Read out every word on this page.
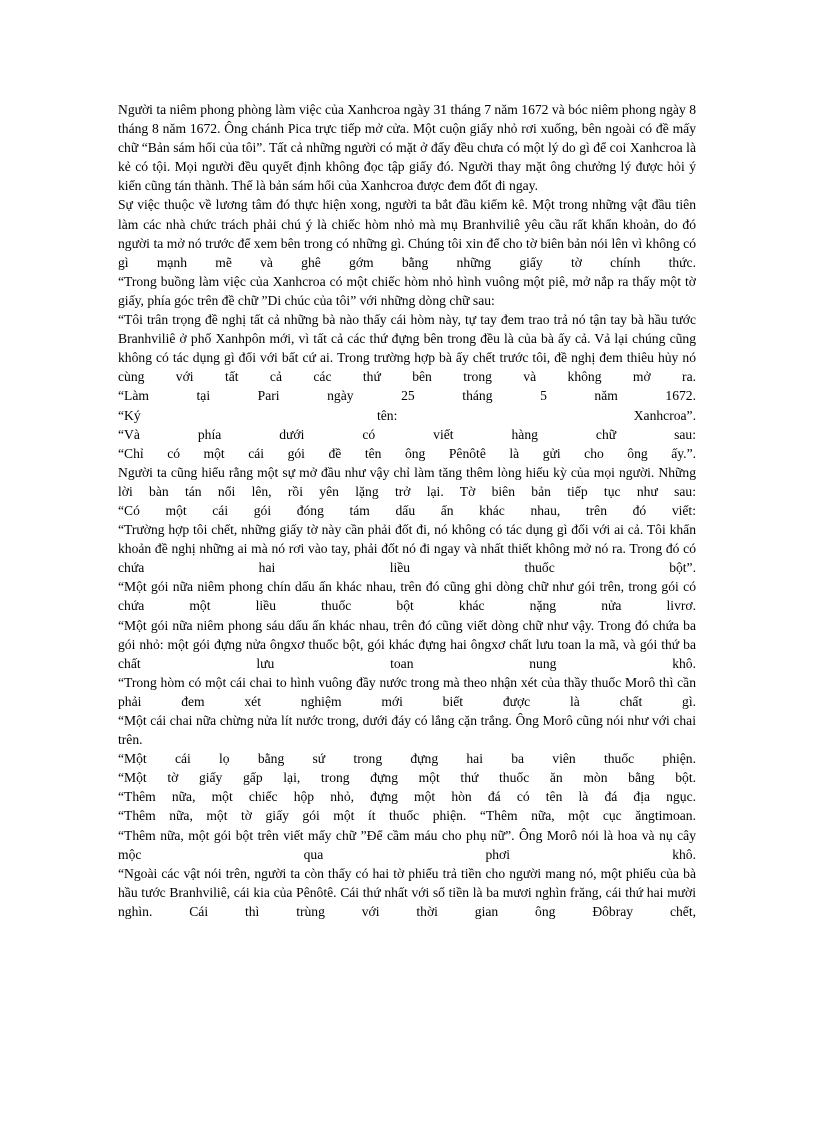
Người ta niêm phong phòng làm việc của Xanhcroa ngày 31 tháng 7 năm 1672 và bóc niêm phong ngày 8 tháng 8 năm 1672. Ông chánh Pica trực tiếp mở cửa. Một cuộn giấy nhỏ rơi xuống, bên ngoài có đề mấy chữ “Bản sám hối của tôi”. Tất cả những người có mặt ở đấy đều chưa có một lý do gì để coi Xanhcroa là kẻ có tội. Mọi người đều quyết định không đọc tập giấy đó. Người thay mặt ông chưởng lý được hỏi ý kiến cũng tán thành. Thế là bản sám hối của Xanhcroa được đem đốt đi ngay.

Sự việc thuộc về lương tâm đó thực hiện xong, người ta bắt đầu kiểm kê. Một trong những vật đầu tiên làm các nhà chức trách phải chú ý là chiếc hòm nhỏ mà mụ Branhviliê yêu cầu rất khẩn khoản, do đó người ta mở nó trước để xem bên trong có những gì. Chúng tôi xin để cho tờ biên bản nói lên vì không có gì mạnh mẽ và ghê gớm bằng những giấy tờ chính thức.

“Trong buồng làm việc của Xanhcroa có một chiếc hòm nhỏ hình vuông một piê, mở nắp ra thấy một tờ giấy, phía góc trên đề chữ ”Di chúc của tôi” với những dòng chữ sau:

“Tôi trân trọng đề nghị tất cả những bà nào thấy cái hòm này, tự tay đem trao trả nó tận tay bà hầu tước Branhviliê ở phố Xanhpôn mới, vì tất cả các thứ đựng bên trong đều là của bà ấy cả. Vả lại chúng cũng không có tác dụng gì đối với bất cứ ai. Trong trường hợp bà ấy chết trước tôi, đề nghị đem thiêu hủy nó cùng với tất cả các thứ bên trong và không mở ra.

“Làm tại Pari ngày 25 tháng 5 năm 1672.

“Ký tên: Xanhcroa”.

“Và phía dưới có viết hàng chữ sau:

“Chỉ có một cái gói đề tên ông Pênôtê là gửi cho ông ấy.”.

Người ta cũng hiểu rằng một sự mở đầu như vậy chỉ làm tăng thêm lòng hiếu kỳ của mọi người. Những lời bàn tán nổi lên, rồi yên lặng trở lại. Tờ biên bản tiếp tục như sau:

“Có một cái gói đóng tám dấu ấn khác nhau, trên đó viết:

“Trường hợp tôi chết, những giấy tờ này cần phải đốt đi, nó không có tác dụng gì đối với ai cả. Tôi khẩn khoản đề nghị những ai mà nó rơi vào tay, phải đốt nó đi ngay và nhất thiết không mở nó ra. Trong đó có chứa hai liều thuốc bột”.

“Một gói nữa niêm phong chín dấu ấn khác nhau, trên đó cũng ghi dòng chữ như gói trên, trong gói có chứa một liều thuốc bột khác nặng nửa livrơ.

“Một gói nữa niêm phong sáu dấu ấn khác nhau, trên đó cũng viết dòng chữ như vậy. Trong đó chứa ba gói nhỏ: một gói đựng nửa ôngxơ thuốc bột, gói khác đựng hai ôngxơ chất lưu toan la mã, và gói thứ ba chất lưu toan nung khô.

“Trong hòm có một cái chai to hình vuông đầy nước trong mà theo nhận xét của thầy thuốc Morô thì cần phải đem xét nghiệm mới biết được là chất gì.

“Một cái chai nữa chừng nửa lít nước trong, dưới đáy có lắng cặn trắng. Ông Morô cũng nói như với chai trên.

“Một cái lọ bằng sứ trong đựng hai ba viên thuốc phiện.

“Một tờ giấy gấp lại, trong đựng một thứ thuốc ăn mòn bằng bột.

“Thêm nữa, một chiếc hộp nhỏ, đựng một hòn đá có tên là đá địa ngục.

“Thêm nữa, một tờ giấy gói một ít thuốc phiện. “Thêm nữa, một cục ăngtimoan.

“Thêm nữa, một gói bột trên viết mấy chữ ”Để cầm máu cho phụ nữ”. Ông Morô nói là hoa và nụ cây mộc qua phơi khô.

“Ngoài các vật nói trên, người ta còn thấy có hai tờ phiếu trả tiền cho người mang nó, một phiếu của bà hầu tước Branhviliê, cái kia của Pênôtê. Cái thứ nhất với số tiền là ba mươi nghìn frăng, cái thứ hai mười nghìn. Cái thì trùng với thời gian ông Đôbray chết,
